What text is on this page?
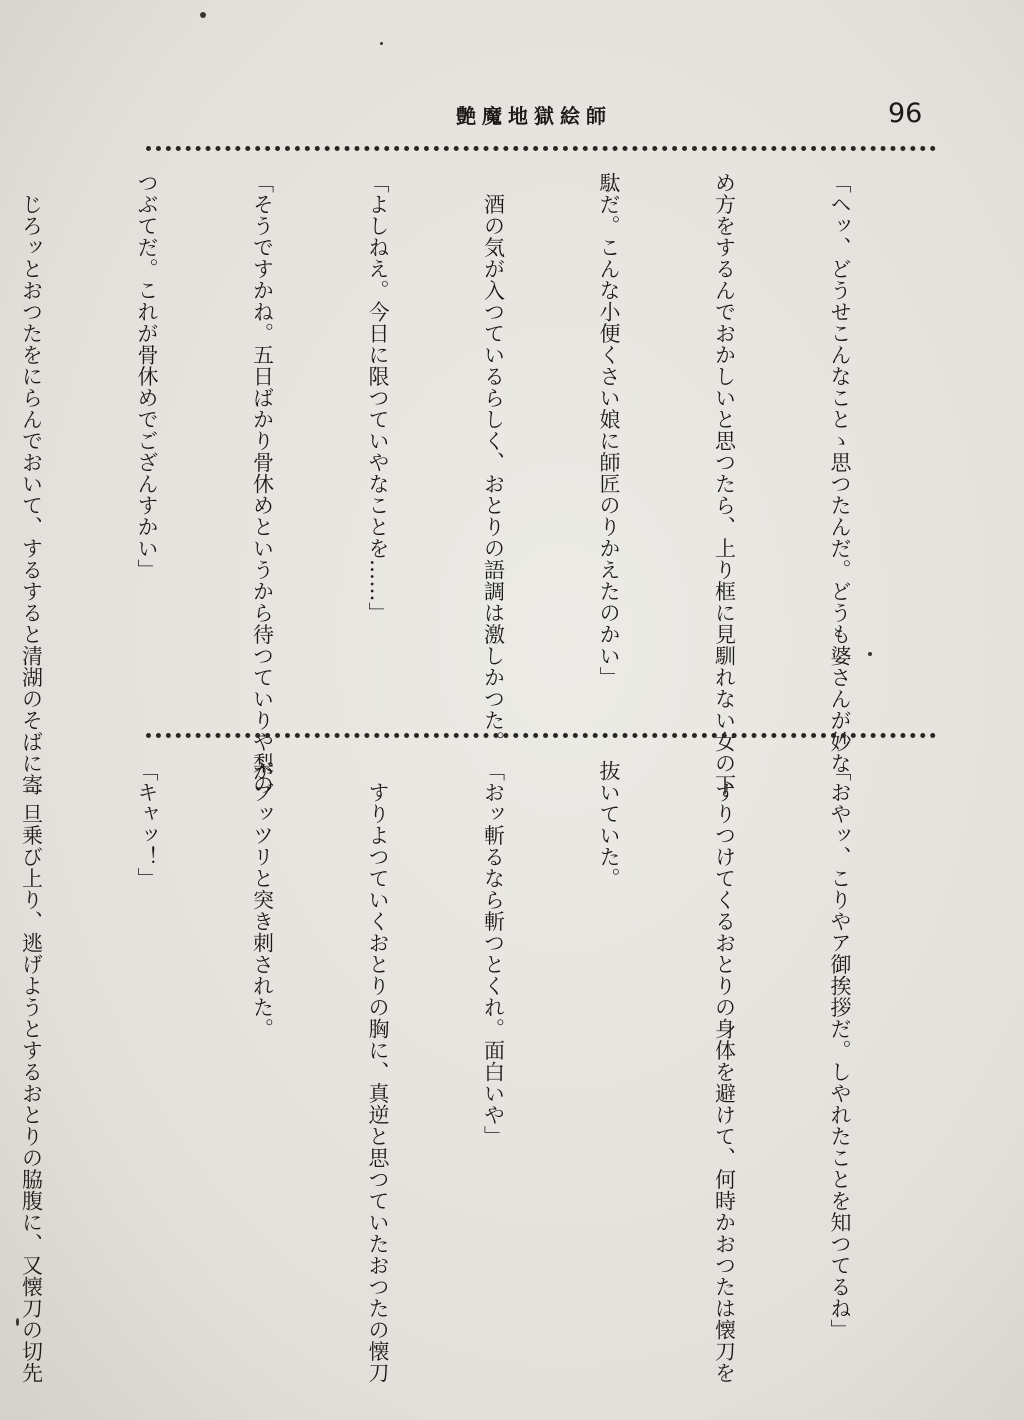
艶魔地獄絵師	96

「ヘッ、どうせこんなことゝ思つたんだ。どうも婆さんが妙な

め方をするんでおかしいと思つたら、上り框に見馴れない女の下

駄だ。こんな小便くさい娘に師匠のりかえたのかい」

　酒の気が入つているらしく、おとりの語調は激しかつた。

「よしねえ。今日に限つていやなことを……」

「そうですかね。五日ばかり骨休めというから待つていりや梨の

つぶてだ。これが骨休めでござんすかい」

　じろッとおつたをにらんでおいて、するすると清湖のそばに寄

「おやッ、こりやア御挨拶だ。しやれたことを知つてるね」

　すりつけてくるおとりの身体を避けて、何時かおつたは懐刀を

抜いていた。

「おッ斬るなら斬つとくれ。面白いや」

　すりよつていくおとりの胸に、真逆と思つていたおつたの懐刀

がブッツリと突き刺された。

「キャッ！」

　一旦乗び上り、逃げようとするおとりの脇腹に、又懐刀の切先
